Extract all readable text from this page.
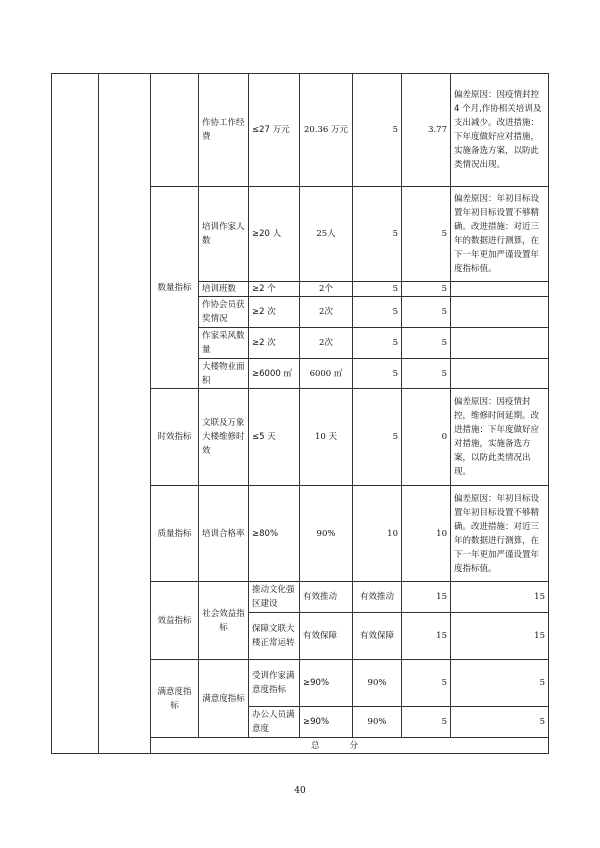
			作协工作经费	≤27 万元	20.36 万元	5	3.77	偏差原因：因疫情封控 4 个月,作协相关培训及支出减少。改进措施：下年度做好应对措施，实施备选方案，以防此类情况出现。	
		数量指标	培训作家人数	≥20 人	25人	5	5	偏差原因：年初目标设置年初目标设置不够精确。改进措施：对近三年的数据进行测算，在下一年更加严谨设置年度指标值。	
			培训班数	≥2 个	2个	5	5		
			作协会员获奖情况	≥2 次	2次	5	5		
			作家采风数量	≥2 次	2次	5	5		
			大楼物业面积	≥6000 ㎡	6000 ㎡	5	5		
		时效指标	文联及万象大楼维修时效	≤5 天	10 天	5	0	偏差原因：因疫情封控，维修时间延期。改进措施：下年度做好应对措施，实施备选方案，以防此类情况出现。	
		质量指标	培训合格率	≥80%	90%	10	10	偏差原因：年初目标设置年初目标设置不够精确。改进措施：对近三年的数据进行测算，在下一年更加严谨设置年度指标值。	
		效益指标	社会效益指标	推动文化强区建设	有效推动	有效推动	15	15	
				保障文联大楼正常运转	有效保障	有效保障	15	15	
		满意度指标	满意度指标	受训作家满意度指标	≥90%	90%	5	5	
				办公人员满意度	≥90%	90%	5	5	
		总分		
40
